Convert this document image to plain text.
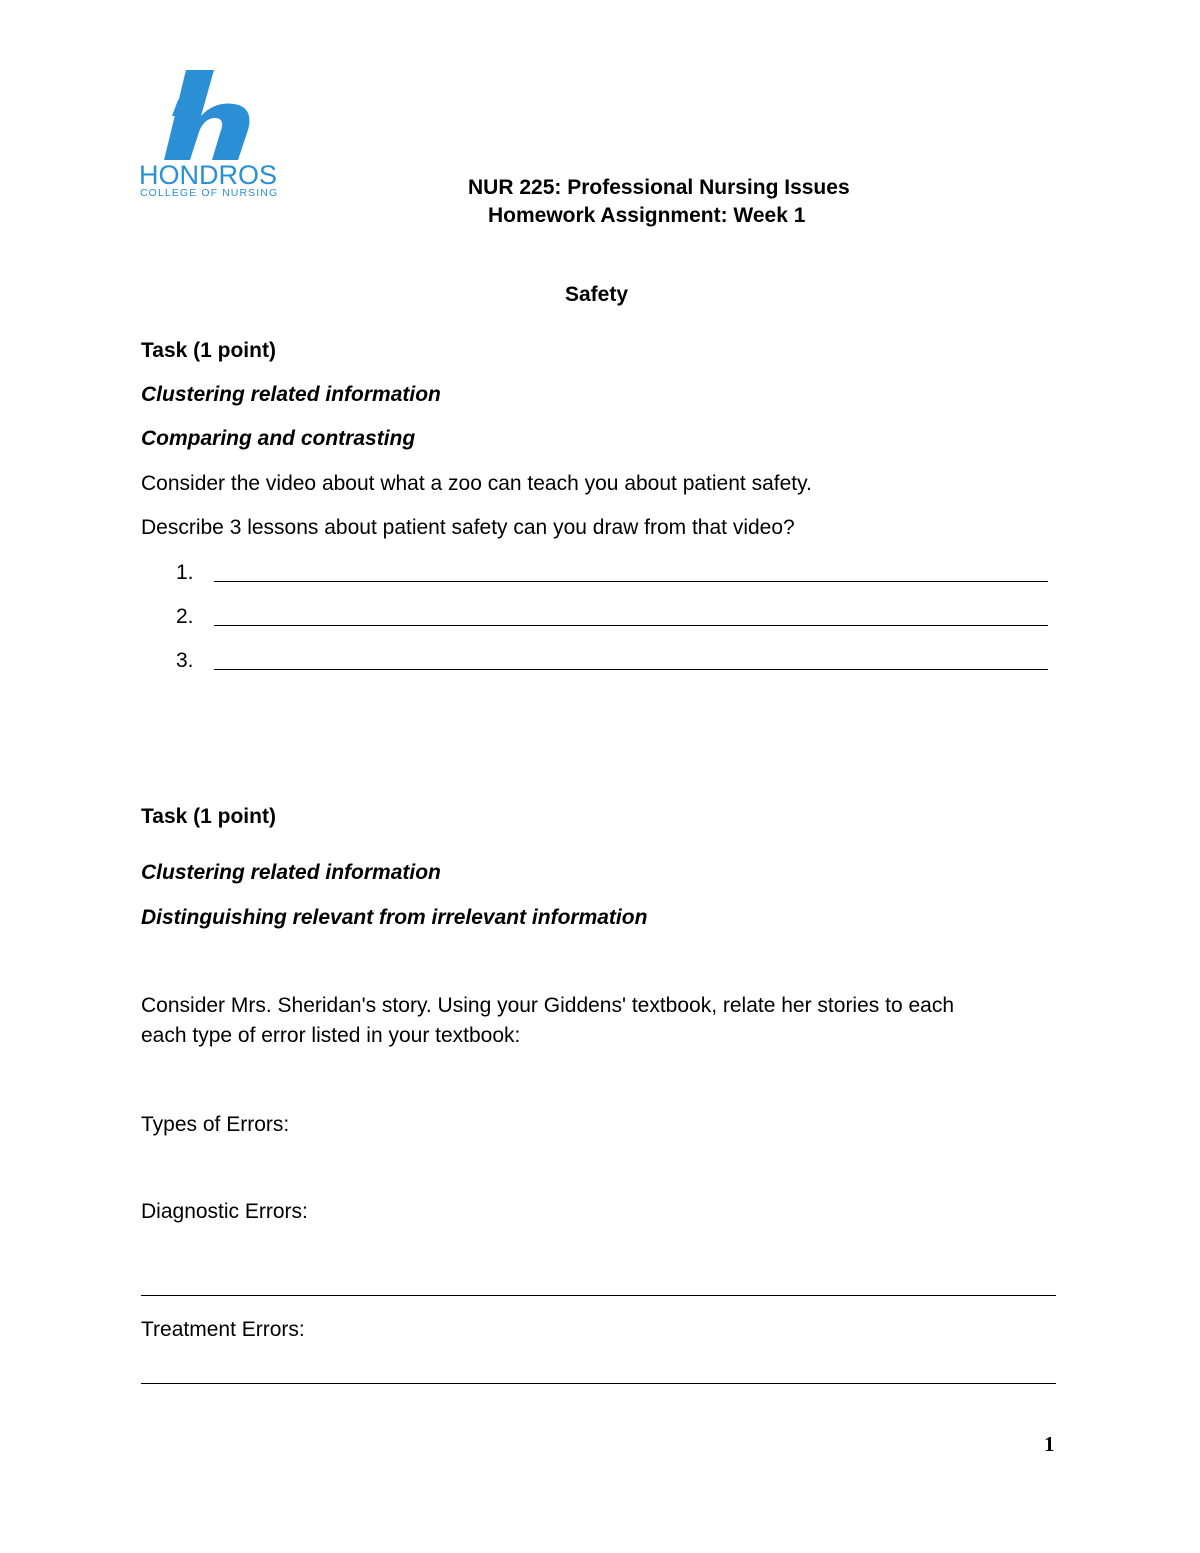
HONDROS
COLLEGE OF NURSING	NUR 225: Professional Nursing Issues

Homework Assignment: Week 1

Safety

Task (1 point)

Clustering related information

Comparing and contrasting

Consider the video about what a zoo can teach you about patient safety.

Describe 3 lessons about patient safety can you draw from that video?

1.

2.

3.

Task (1 point)

Clustering related information

Distinguishing relevant from irrelevant information

Consider Mrs. Sheridan's story. Using your Giddens' textbook, relate her stories to each

each type of error listed in your textbook:

Types of Errors:

Diagnostic Errors:

Treatment Errors:

1
